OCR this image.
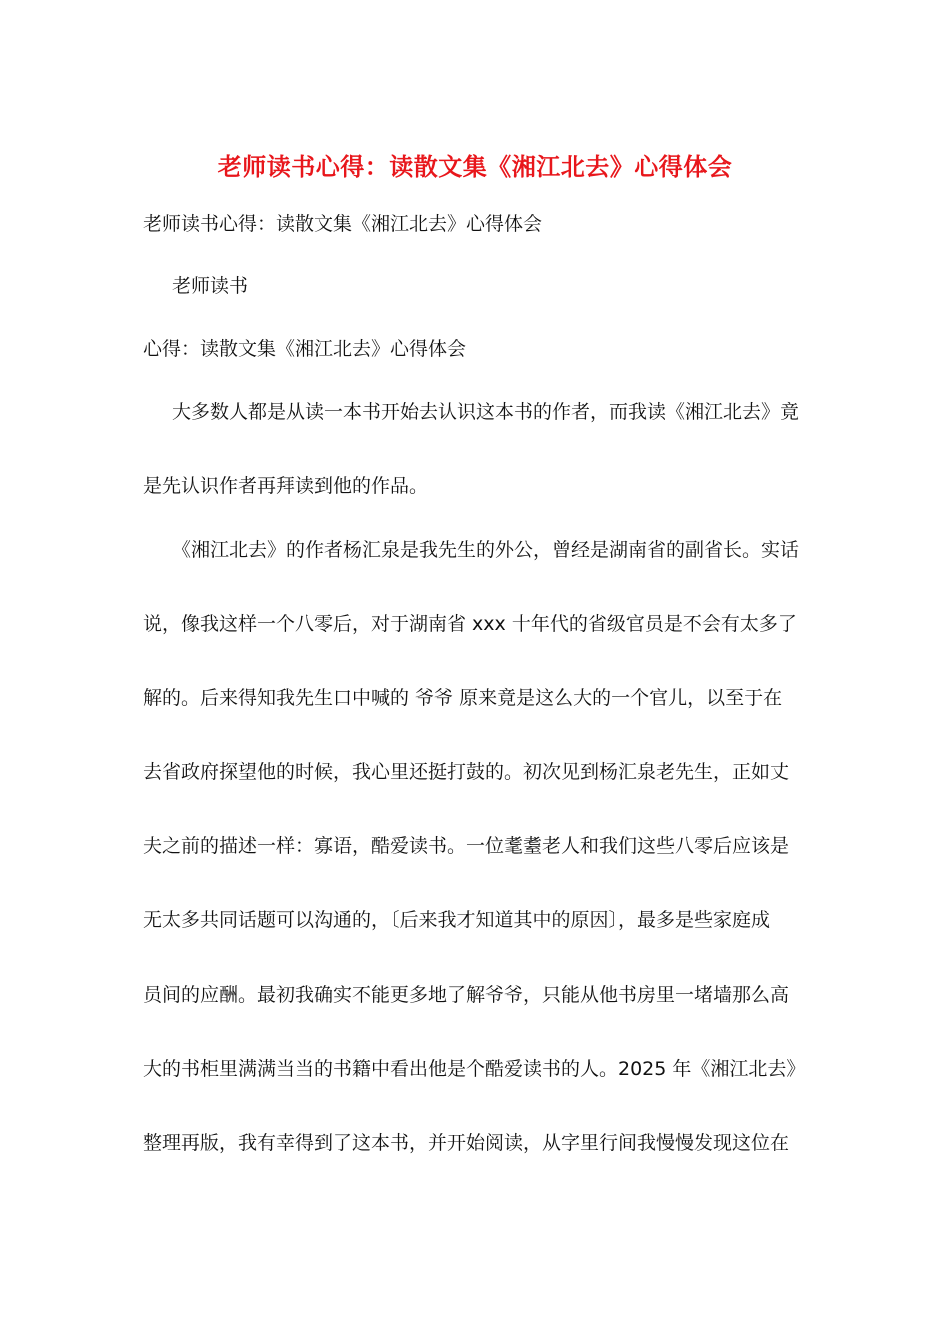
老师读书心得：读散文集《湘江北去》心得体会
老师读书心得：读散文集《湘江北去》心得体会
老师读书
心得：读散文集《湘江北去》心得体会
大多数人都是从读一本书开始去认识这本书的作者，而我读《湘江北去》竟
是先认识作者再拜读到他的作品。
《湘江北去》的作者杨汇泉是我先生的外公，曾经是湖南省的副省长。实话
说，像我这样一个八零后，对于湖南省 xxx 十年代的省级官员是不会有太多了
解的。后来得知我先生口中喊的 爷爷 原来竟是这么大的一个官儿，以至于在
去省政府探望他的时候，我心里还挺打鼓的。初次见到杨汇泉老先生，正如丈
夫之前的描述一样：寡语，酷爱读书。一位耄耋老人和我们这些八零后应该是
无太多共同话题可以沟通的，〔后来我才知道其中的原因〕，最多是些家庭成
员间的应酬。最初我确实不能更多地了解爷爷，只能从他书房里一堵墙那么高
大的书柜里满满当当的书籍中看出他是个酷爱读书的人。2025 年《湘江北去》
整理再版，我有幸得到了这本书，并开始阅读，从字里行间我慢慢发现这位在
